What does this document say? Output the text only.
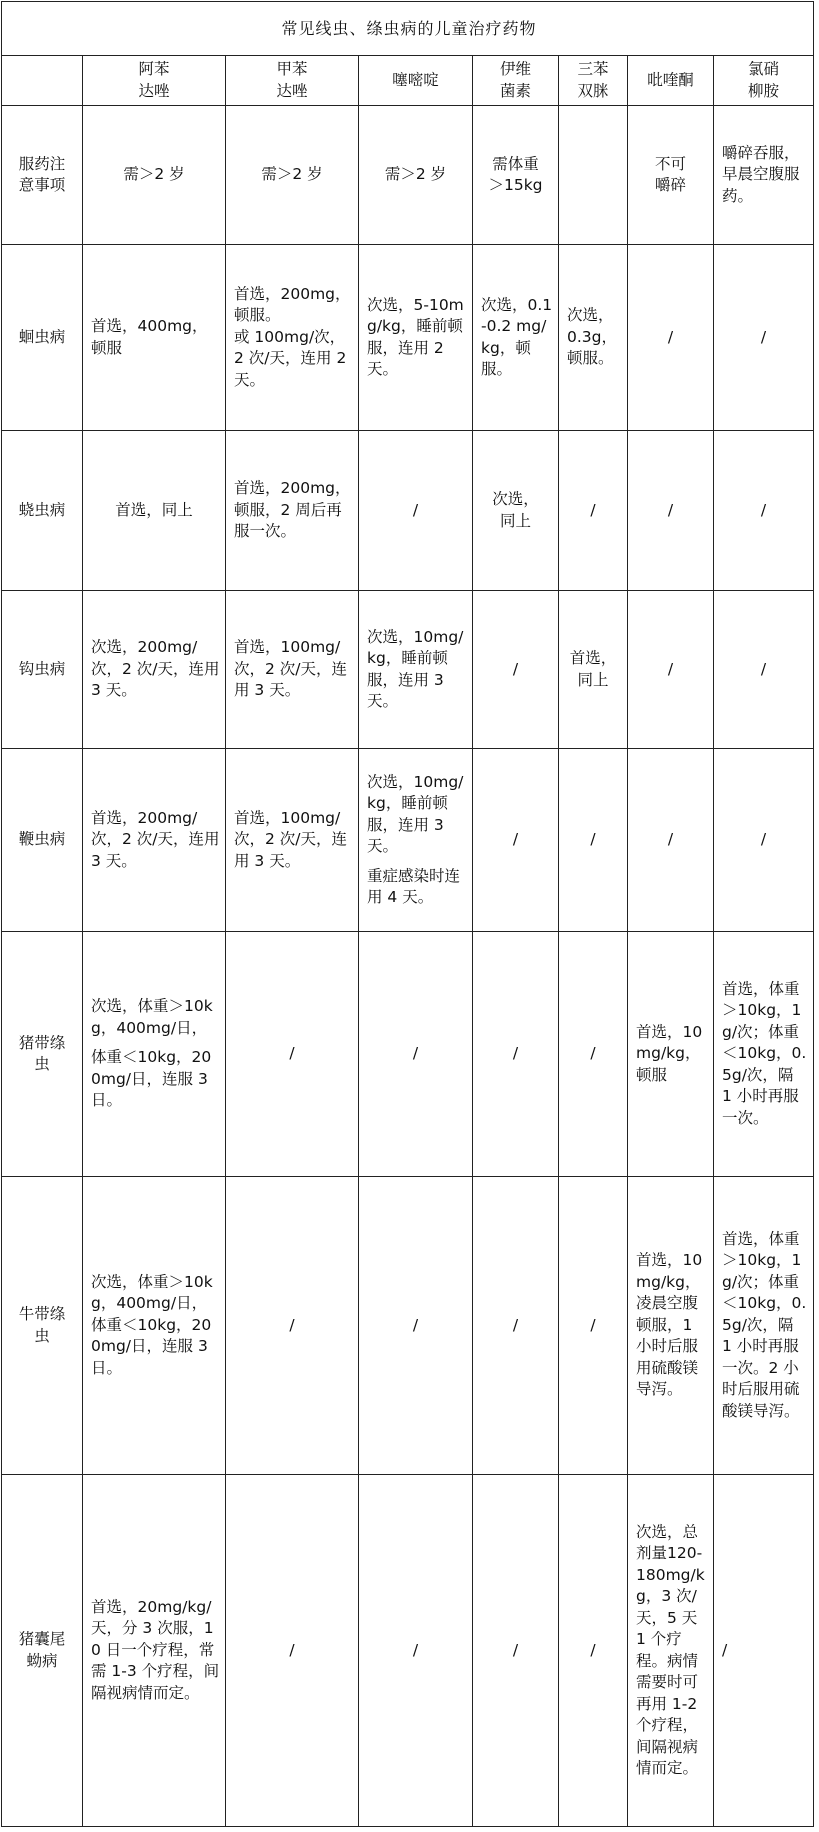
常见线虫、绦虫病的儿童治疗药物							

	阿苯
达唑	甲苯
达唑	噻嘧啶	伊维
菌素	三苯
双脒	吡喹酮	氯硝
柳胺

服药注
意事项	需＞2 岁	需＞2 岁	需＞2 岁	需体重
＞15kg		不可
嚼碎	嚼碎吞服，早晨空腹服药。

蛔虫病	首选，400mg，顿服	首选，200mg，顿服。
或 100mg/次，2 次/天，连用 2 天。	次选，5-10mg/kg，睡前顿服，连用 2 天。	次选，0.1-0.2 mg/kg，顿服。	次选，0.3g，顿服。	/	/

蛲虫病	首选，同上	首选，200mg，顿服，2 周后再服一次。	/	次选，
同上	/	/	/

钩虫病	次选，200mg/次，2 次/天，连用 3 天。	首选，100mg/次，2 次/天，连用 3 天。	次选，10mg/kg，睡前顿服，连用 3 天。	/	首选，
同上	/	/

鞭虫病	首选，200mg/次，2 次/天，连用 3 天。	首选，100mg/次，2 次/天，连用 3 天。	次选，10mg/kg，睡前顿服，连用 3 天。
重症感染时连用 4 天。	/	/	/	/

猪带绦
虫	次选，体重＞10kg，400mg/日，
体重＜10kg，200mg/日，连服 3 日。	/	/	/	/	首选，10mg/kg，顿服	首选，体重＞10kg，1g/次；体重＜10kg，0.5g/次，隔 1 小时再服一次。

牛带绦
虫	次选，体重＞10kg，400mg/日，体重＜10kg，200mg/日，连服 3 日。	/	/	/	/	首选，10mg/kg，凌晨空腹顿服，1 小时后服用硫酸镁导泻。	首选，体重＞10kg，1g/次；体重＜10kg，0.5g/次，隔 1 小时再服一次。2 小时后服用硫酸镁导泻。

猪囊尾
蚴病	首选，20mg/kg/天，分 3 次服，10 日一个疗程，常需 1-3 个疗程，间隔视病情而定。	/	/	/	/	次选，总剂量120-180mg/kg，3 次/天，5 天 1 个疗程。病情需要时可再用 1-2 个疗程，间隔视病情而定。	/
